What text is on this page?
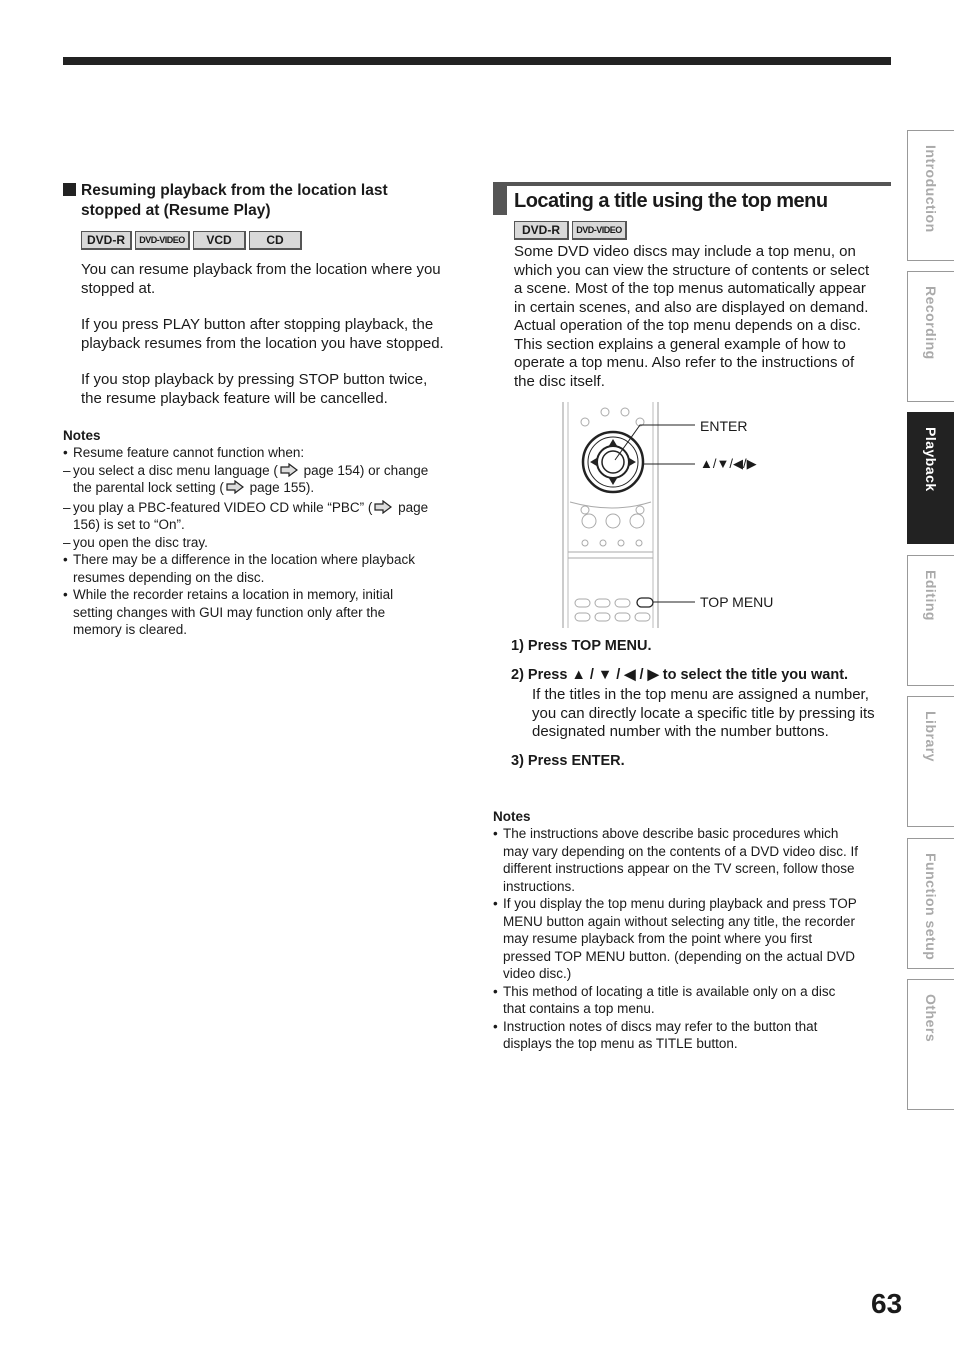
Resuming playback from the location last
stopped at (Resume Play)
DVD-R	DVD-VIDEO	VCD	CD

You can resume playback from the location where you
stopped at.

If you press PLAY button after stopping playback, the
playback resumes from the location you have stopped.

If you stop playback by pressing STOP button twice,
the resume playback feature will be cancelled.

Notes

• Resume feature cannot function when:
– you select a disc menu language ( page 154) or change
the parental lock setting ( page 155).
– you play a PBC-featured VIDEO CD while “PBC” ( page
156) is set to “On”.
– you open the disc tray.
• There may be a difference in the location where playback
resumes depending on the disc.
• While the recorder retains a location in memory, initial
setting changes with GUI may function only after the
memory is cleared.
Locating a title using the top menu
DVD-R	DVD-VIDEO

Some DVD video discs may include a top menu, on
which you can view the structure of contents or select
a scene. Most of the top menus automatically appear
in certain scenes, and also are displayed on demand.
Actual operation of the top menu depends on a disc.
This section explains a general example of how to
operate a top menu. Also refer to the instructions of
the disc itself.

ENTER
▲/▼/◀/▶
TOP MENU

1) Press TOP MENU.

2) Press ▲ / ▼ / ◀ / ▶ to select the title you want.

If the titles in the top menu are assigned a number,
you can directly locate a specific title by pressing its
designated number with the number buttons.

3) Press ENTER.

Notes

• The instructions above describe basic procedures which
may vary depending on the contents of a DVD video disc. If
different instructions appear on the TV screen, follow those
instructions.
• If you display the top menu during playback and press TOP
MENU button again without selecting any title, the recorder
may resume playback from the point where you first
pressed TOP MENU button. (depending on the actual DVD
video disc.)
• This method of locating a title is available only on a disc
that contains a top menu.
• Instruction notes of discs may refer to the button that
displays the top menu as TITLE button.
Introduction
Recording
Playback
Editing
Library
Function setup
Others
63
